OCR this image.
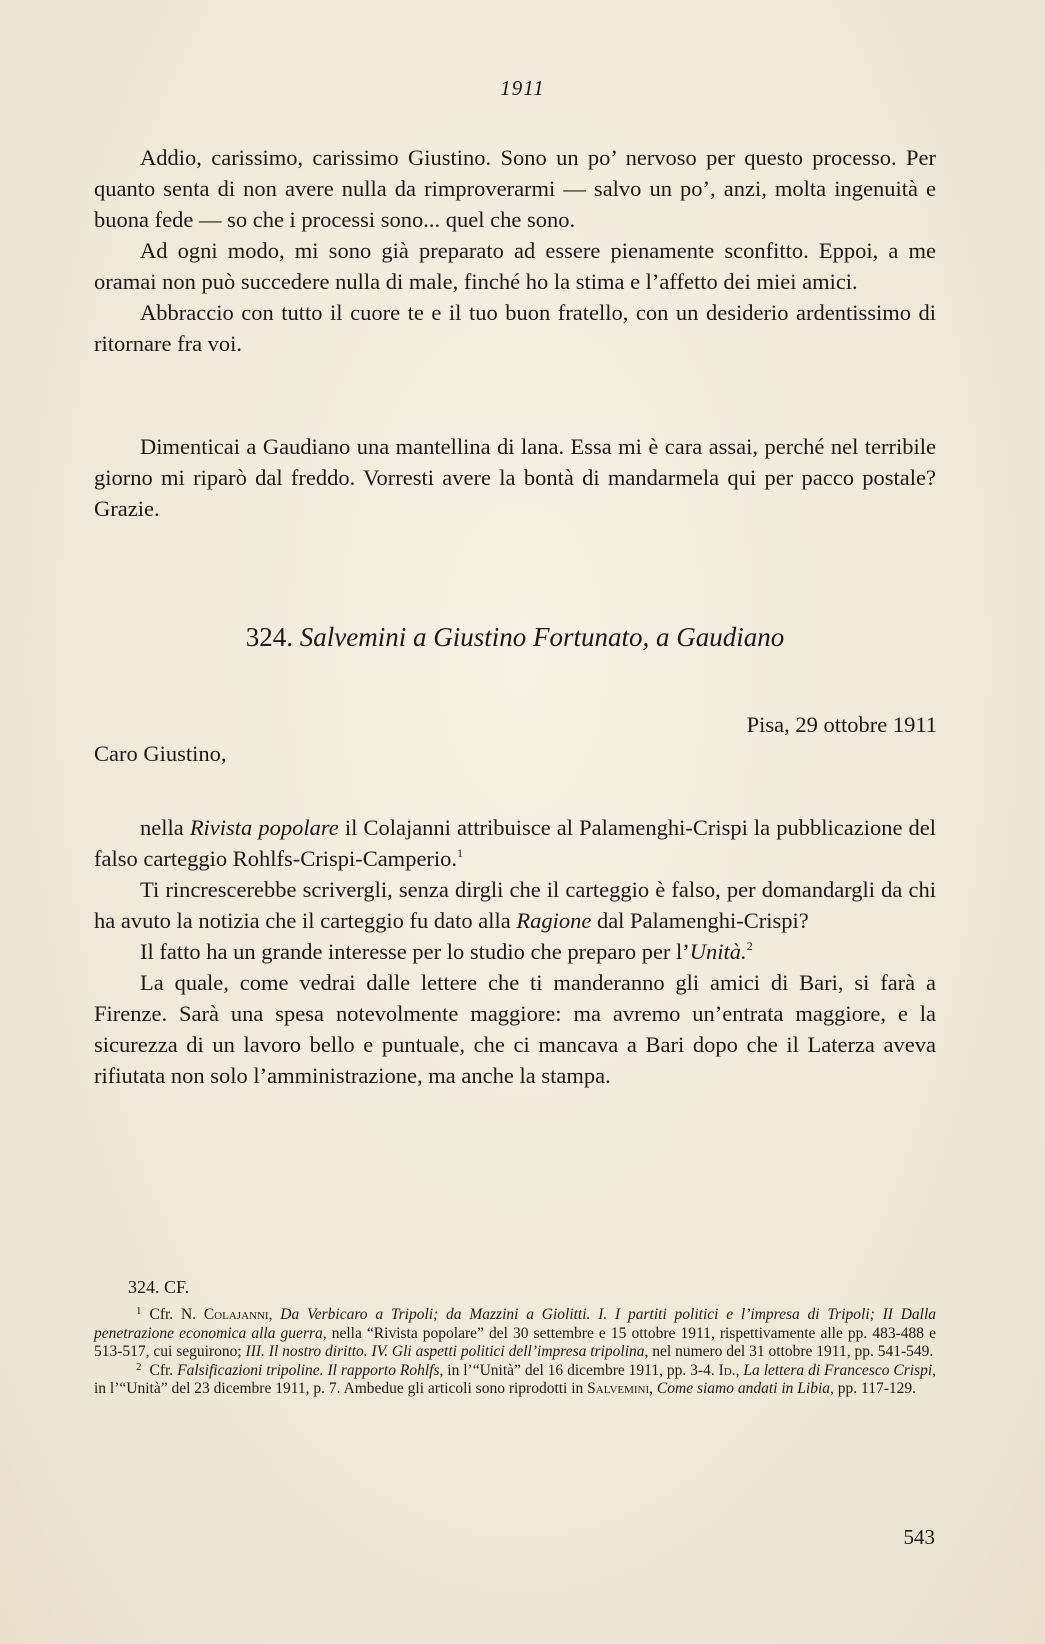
1911

Addio, carissimo, carissimo Giustino. Sono un po’ nervoso per questo processo. Per quanto senta di non avere nulla da rimproverarmi — salvo un po’, anzi, molta ingenuità e buona fede — so che i processi sono... quel che sono.

Ad ogni modo, mi sono già preparato ad essere pienamente sconfitto. Eppoi, a me oramai non può succedere nulla di male, finché ho la stima e l’affetto dei miei amici.

Abbraccio con tutto il cuore te e il tuo buon fratello, con un desiderio ardentissimo di ritornare fra voi.

Dimenticai a Gaudiano una mantellina di lana. Essa mi è cara assai, perché nel terribile giorno mi riparò dal freddo. Vorresti avere la bontà di mandarmela qui per pacco postale? Grazie.

324. Salvemini a Giustino Fortunato, a Gaudiano
Pisa, 29 ottobre 1911
Caro Giustino,

nella Rivista popolare il Colajanni attribuisce al Palamenghi-Crispi la pubblicazione del falso carteggio Rohlfs-Crispi-Camperio.$^1$

Ti rincrescerebbe scrivergli, senza dirgli che il carteggio è falso, per domandargli da chi ha avuto la notizia che il carteggio fu dato alla Ragione dal Palamenghi-Crispi?

Il fatto ha un grande interesse per lo studio che preparo per l’Unità.$^2$

La quale, come vedrai dalle lettere che ti manderanno gli amici di Bari, si farà a Firenze. Sarà una spesa notevolmente maggiore: ma avremo un’entrata maggiore, e la sicurezza di un lavoro bello e puntuale, che ci mancava a Bari dopo che il Laterza aveva rifiutata non solo l’amministrazione, ma anche la stampa.

324. CF.

$^1$ Cfr. N. Colajanni, Da Verbicaro a Tripoli; da Mazzini a Giolitti. I. I partiti politici e l’impresa di Tripoli; II Dalla penetrazione economica alla guerra, nella “Rivista popolare” del 30 settembre e 15 ottobre 1911, rispettivamente alle pp. 483-488 e 513-517, cui seguirono; III. Il nostro diritto. IV. Gli aspetti politici dell’impresa tripolina, nel numero del 31 ottobre 1911, pp. 541-549.

$^2$ Cfr. Falsificazioni tripoline. Il rapporto Rohlfs, in l’“Unità” del 16 dicembre 1911, pp. 3-4. Id., La lettera di Francesco Crispi, in l’“Unità” del 23 dicembre 1911, p. 7. Ambedue gli articoli sono riprodotti in Salvemini, Come siamo andati in Libia, pp. 117-129.

543
